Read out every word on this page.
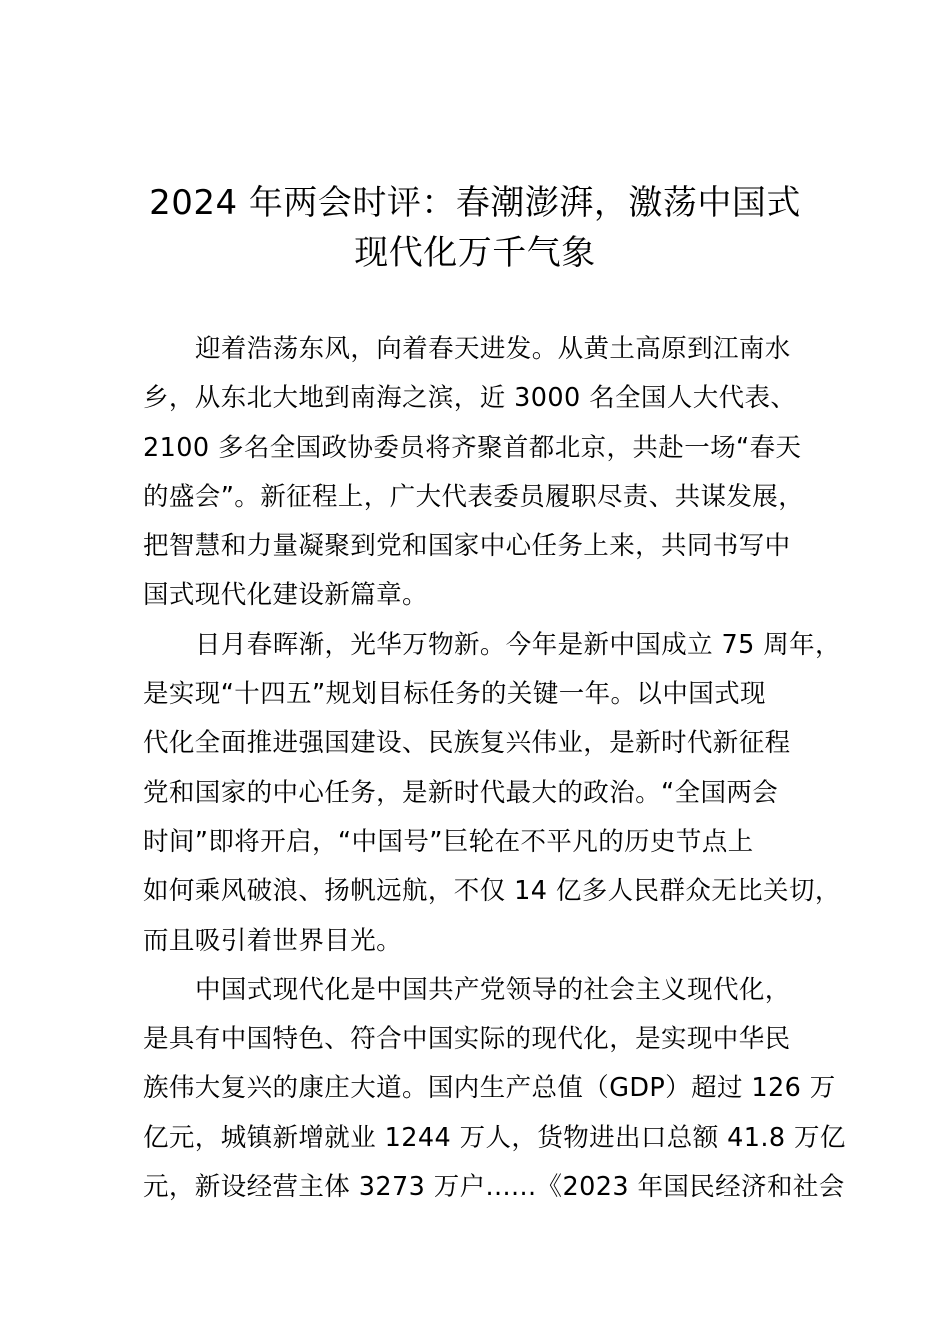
2024 年两会时评：春潮澎湃，激荡中国式
现代化万千气象
迎着浩荡东风，向着春天进发。从黄土高原到江南水
乡，从东北大地到南海之滨，近 3000 名全国人大代表、
2100 多名全国政协委员将齐聚首都北京，共赴一场“春天
的盛会”。新征程上，广大代表委员履职尽责、共谋发展，
把智慧和力量凝聚到党和国家中心任务上来，共同书写中
国式现代化建设新篇章。
日月春晖渐，光华万物新。今年是新中国成立 75 周年，
是实现“十四五”规划目标任务的关键一年。以中国式现
代化全面推进强国建设、民族复兴伟业，是新时代新征程
党和国家的中心任务，是新时代最大的政治。“全国两会
时间”即将开启，“中国号”巨轮在不平凡的历史节点上
如何乘风破浪、扬帆远航，不仅 14 亿多人民群众无比关切，
而且吸引着世界目光。
中国式现代化是中国共产党领导的社会主义现代化，
是具有中国特色、符合中国实际的现代化，是实现中华民
族伟大复兴的康庄大道。国内生产总值（GDP）超过 126 万
亿元，城镇新增就业 1244 万人，货物进出口总额 41.8 万亿
元，新设经营主体 3273 万户......《2023 年国民经济和社会
